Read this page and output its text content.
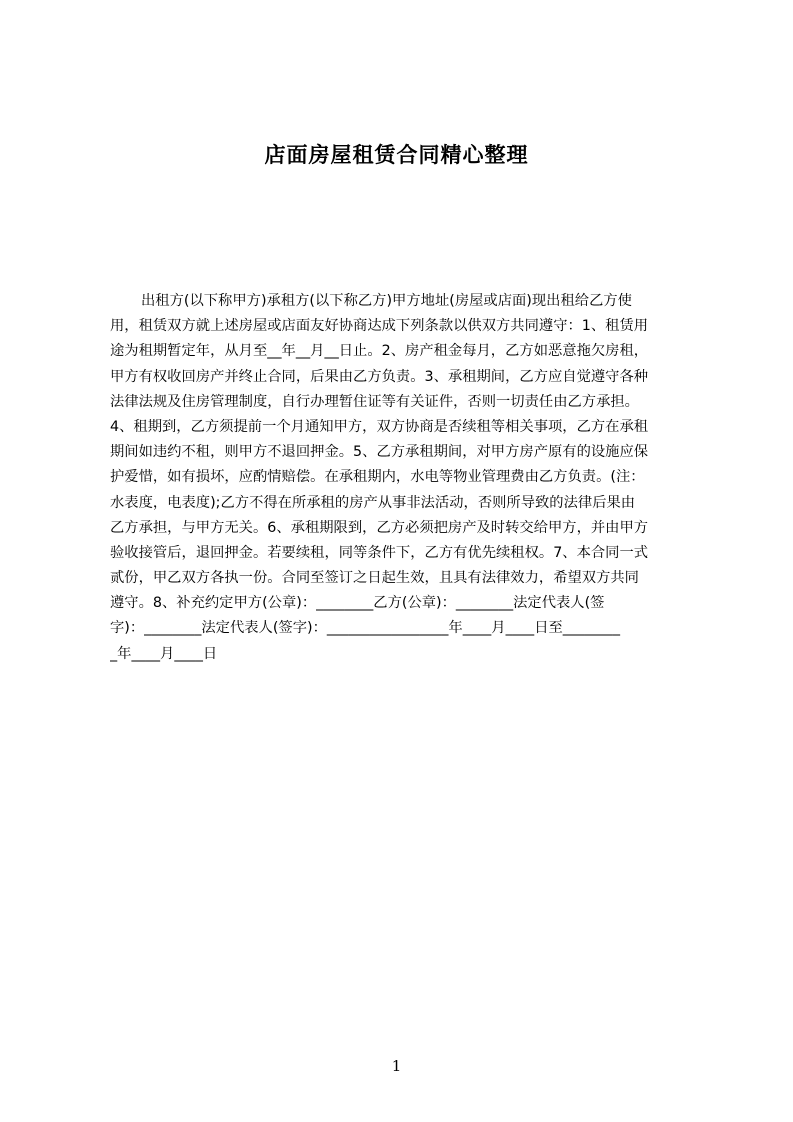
店面房屋租赁合同精心整理
出租方(以下称甲方)承租方(以下称乙方)甲方地址(房屋或店面)现出租给乙方使
用，租赁双方就上述房屋或店面友好协商达成下列条款以供双方共同遵守：1、租赁用
途为租期暂定年，从月至__年__月__日止。2、房产租金每月，乙方如恶意拖欠房租，
甲方有权收回房产并终止合同，后果由乙方负责。3、承租期间，乙方应自觉遵守各种
法律法规及住房管理制度，自行办理暂住证等有关证件，否则一切责任由乙方承担。
4、租期到，乙方须提前一个月通知甲方，双方协商是否续租等相关事项，乙方在承租
期间如违约不租，则甲方不退回押金。5、乙方承租期间，对甲方房产原有的设施应保
护爱惜，如有损坏，应酌情赔偿。在承租期内，水电等物业管理费由乙方负责。(注：
水表度，电表度);乙方不得在所承租的房产从事非法活动，否则所导致的法律后果由
乙方承担，与甲方无关。6、承租期限到，乙方必须把房产及时转交给甲方，并由甲方
验收接管后，退回押金。若要续租，同等条件下，乙方有优先续租权。7、本合同一式
贰份，甲乙双方各执一份。合同至签订之日起生效，且具有法律效力，希望双方共同
遵守。8、补充约定甲方(公章)：________乙方(公章)：________法定代表人(签
字)：________法定代表人(签字)：_________________年____月____日至________
_年____月____日
1
